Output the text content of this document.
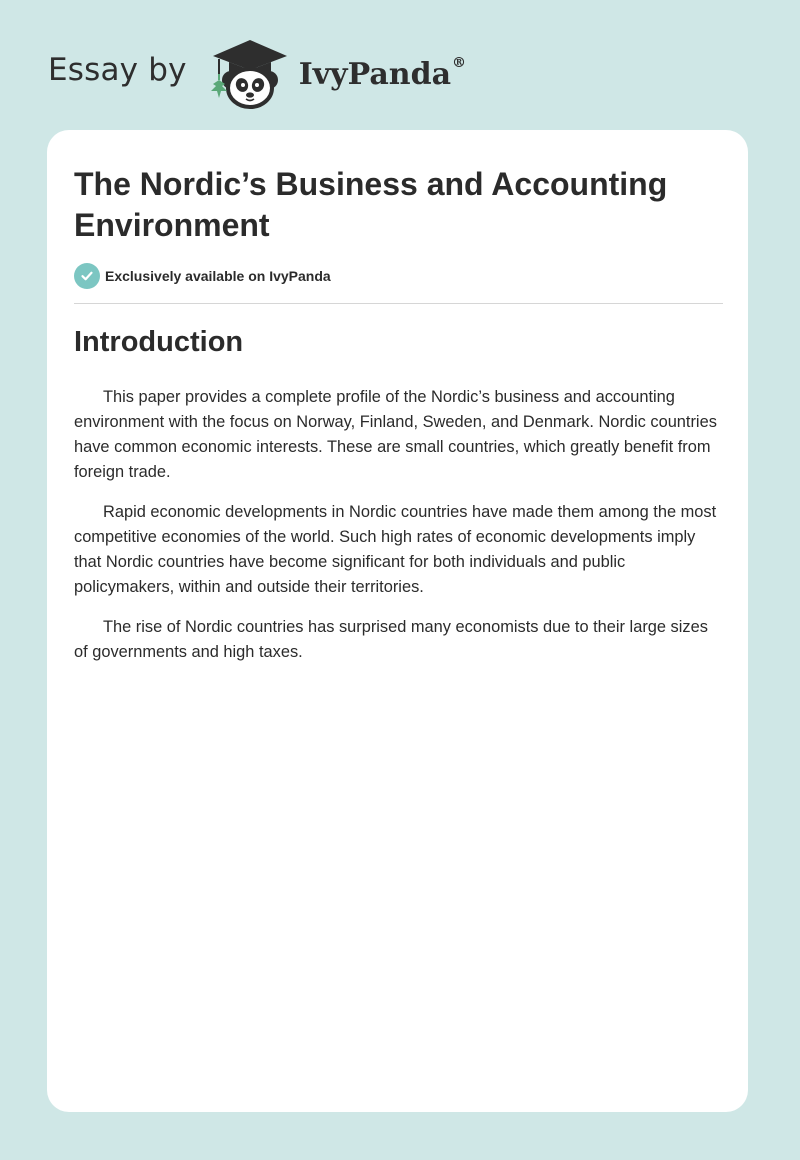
Essay by	IvyPanda®
The Nordic’s Business and Accounting Environment
Exclusively available on IvyPanda
Introduction

This paper provides a complete profile of the Nordic’s business and accounting environment with the focus on Norway, Finland, Sweden, and Denmark. Nordic countries have common economic interests. These are small countries, which greatly benefit from foreign trade.

Rapid economic developments in Nordic countries have made them among the most competitive economies of the world. Such high rates of economic developments imply that Nordic countries have become significant for both individuals and public policymakers, within and outside their territories.

The rise of Nordic countries has surprised many economists due to their large sizes of governments and high taxes.
